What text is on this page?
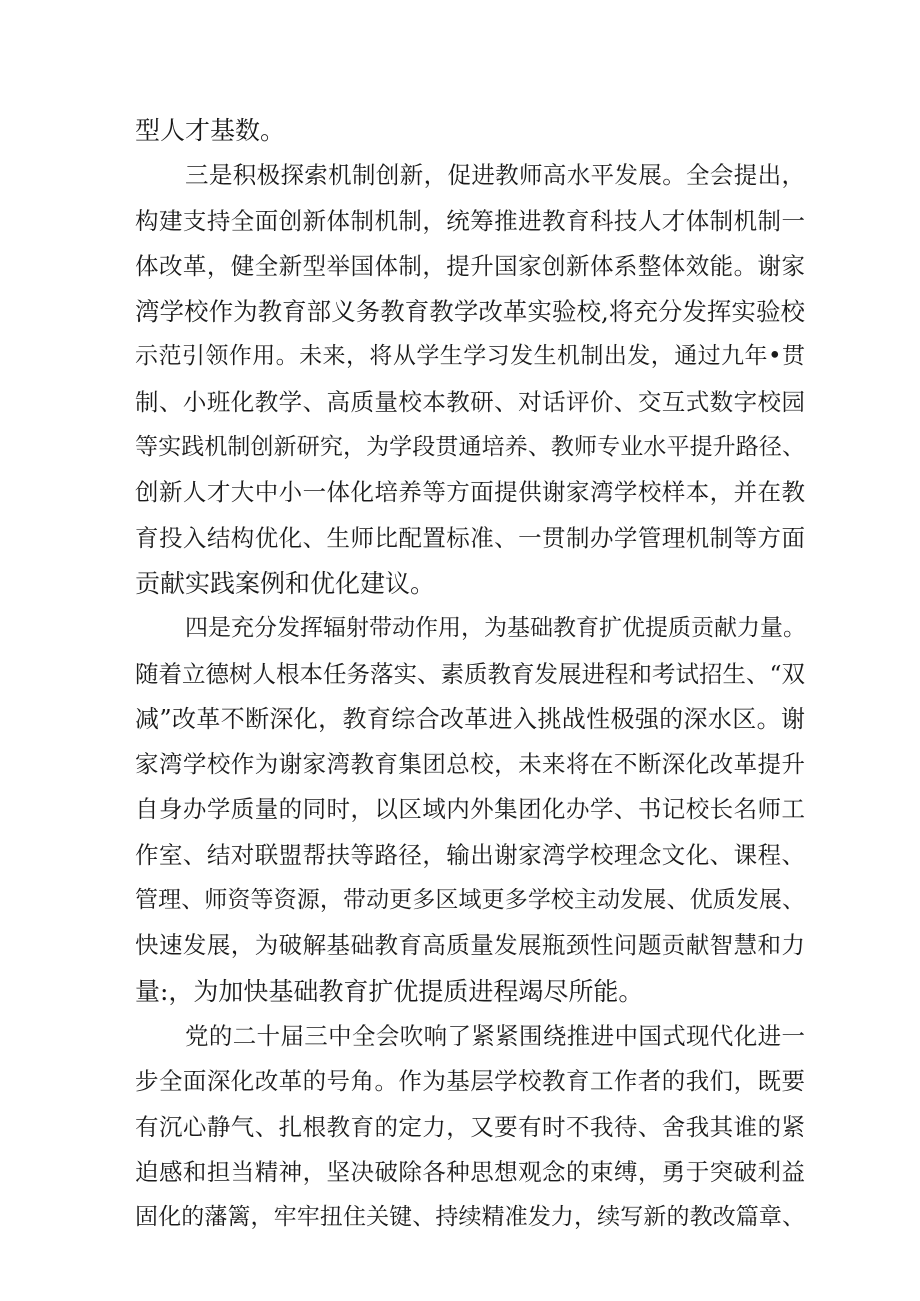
型人才基数。
三是积极探索机制创新，促进教师高水平发展。全会提出，
构建支持全面创新体制机制，统筹推进教育科技人才体制机制一
体改革，健全新型举国体制，提升国家创新体系整体效能。谢家
湾学校作为教育部义务教育教学改革实验校,将充分发挥实验校
示范引领作用。未来，将从学生学习发生机制出发，通过九年•贯
制、小班化教学、高质量校本教研、对话评价、交互式数字校园
等实践机制创新研究，为学段贯通培养、教师专业水平提升路径、
创新人才大中小一体化培养等方面提供谢家湾学校样本，并在教
育投入结构优化、生师比配置标准、一贯制办学管理机制等方面
贡献实践案例和优化建议。
四是充分发挥辐射带动作用，为基础教育扩优提质贡献力量。
随着立德树人根本任务落实、素质教育发展进程和考试招生、“双
减”改革不断深化，教育综合改革进入挑战性极强的深水区。谢
家湾学校作为谢家湾教育集团总校，未来将在不断深化改革提升
自身办学质量的同时，以区域内外集团化办学、书记校长名师工
作室、结对联盟帮扶等路径，输出谢家湾学校理念文化、课程、
管理、师资等资源，带动更多区域更多学校主动发展、优质发展、
快速发展，为破解基础教育高质量发展瓶颈性问题贡献智慧和力
量:，为加快基础教育扩优提质进程竭尽所能。
党的二十届三中全会吹响了紧紧围绕推进中国式现代化进一
步全面深化改革的号角。作为基层学校教育工作者的我们，既要
有沉心静气、扎根教育的定力，又要有时不我待、舍我其谁的紧
迫感和担当精神，坚决破除各种思想观念的束缚，勇于突破利益
固化的藩篱，牢牢扭住关键、持续精准发力，续写新的教改篇章、
